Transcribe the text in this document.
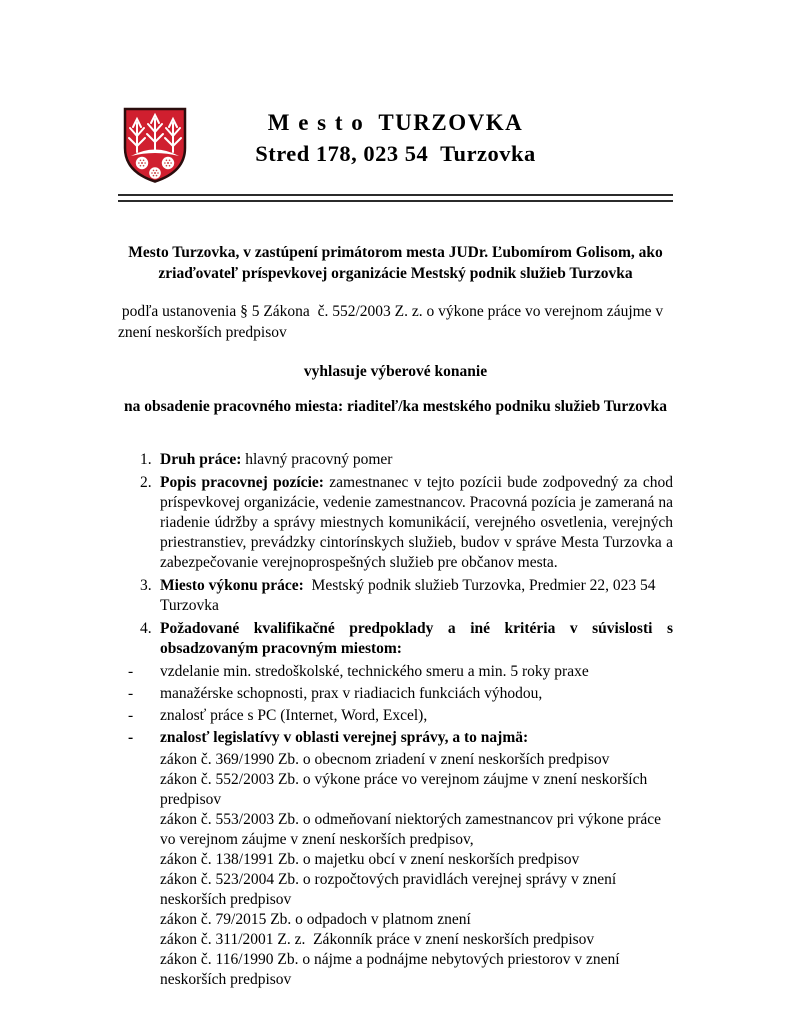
M e s t o  TURZOVKA
Stred 178, 023 54  Turzovka
Mesto Turzovka, v zastúpení primátorom mesta JUDr. Ľubomírom Golisom, ako zriaďovateľ príspevkovej organizácie Mestský podnik služieb Turzovka
podľa ustanovenia § 5 Zákona  č. 552/2003 Z. z. o výkone práce vo verejnom záujme v znení neskorších predpisov
vyhlasuje výberové konanie
na obsadenie pracovného miesta: riaditeľ/ka mestského podniku služieb Turzovka
1. Druh práce: hlavný pracovný pomer
2. Popis pracovnej pozície: zamestnanec v tejto pozícii bude zodpovedný za chod príspevkovej organizácie, vedenie zamestnancov. Pracovná pozícia je zameraná na riadenie údržby a správy miestnych komunikácií, verejného osvetlenia, verejných priestranstiev, prevádzky cintorínskych služieb, budov v správe Mesta Turzovka a zabezpečovanie verejnoprospešných služieb pre občanov mesta.
3. Miesto výkonu práce:  Mestský podnik služieb Turzovka, Predmier 22, 023 54 Turzovka
4. Požadované kvalifikačné predpoklady a iné kritéria v súvislosti s obsadzovaným pracovným miestom:
-	vzdelanie min. stredoškolské, technického smeru a min. 5 roky praxe
-	manažérske schopnosti, prax v riadiacich funkciách výhodou,
-	znalosť práce s PC (Internet, Word, Excel),
-	znalosť legislatívy v oblasti verejnej správy, a to najmä:
zákon č. 369/1990 Zb. o obecnom zriadení v znení neskorších predpisov
zákon č. 552/2003 Zb. o výkone práce vo verejnom záujme v znení neskorších predpisov
zákon č. 553/2003 Zb. o odmeňovaní niektorých zamestnancov pri výkone práce vo verejnom záujme v znení neskorších predpisov,
zákon č. 138/1991 Zb. o majetku obcí v znení neskorších predpisov
zákon č. 523/2004 Zb. o rozpočtových pravidlách verejnej správy v znení neskorších predpisov
zákon č. 79/2015 Zb. o odpadoch v platnom znení
zákon č. 311/2001 Z. z.  Zákonník práce v znení neskorších predpisov
zákon č. 116/1990 Zb. o nájme a podnájme nebytových priestorov v znení neskorších predpisov
